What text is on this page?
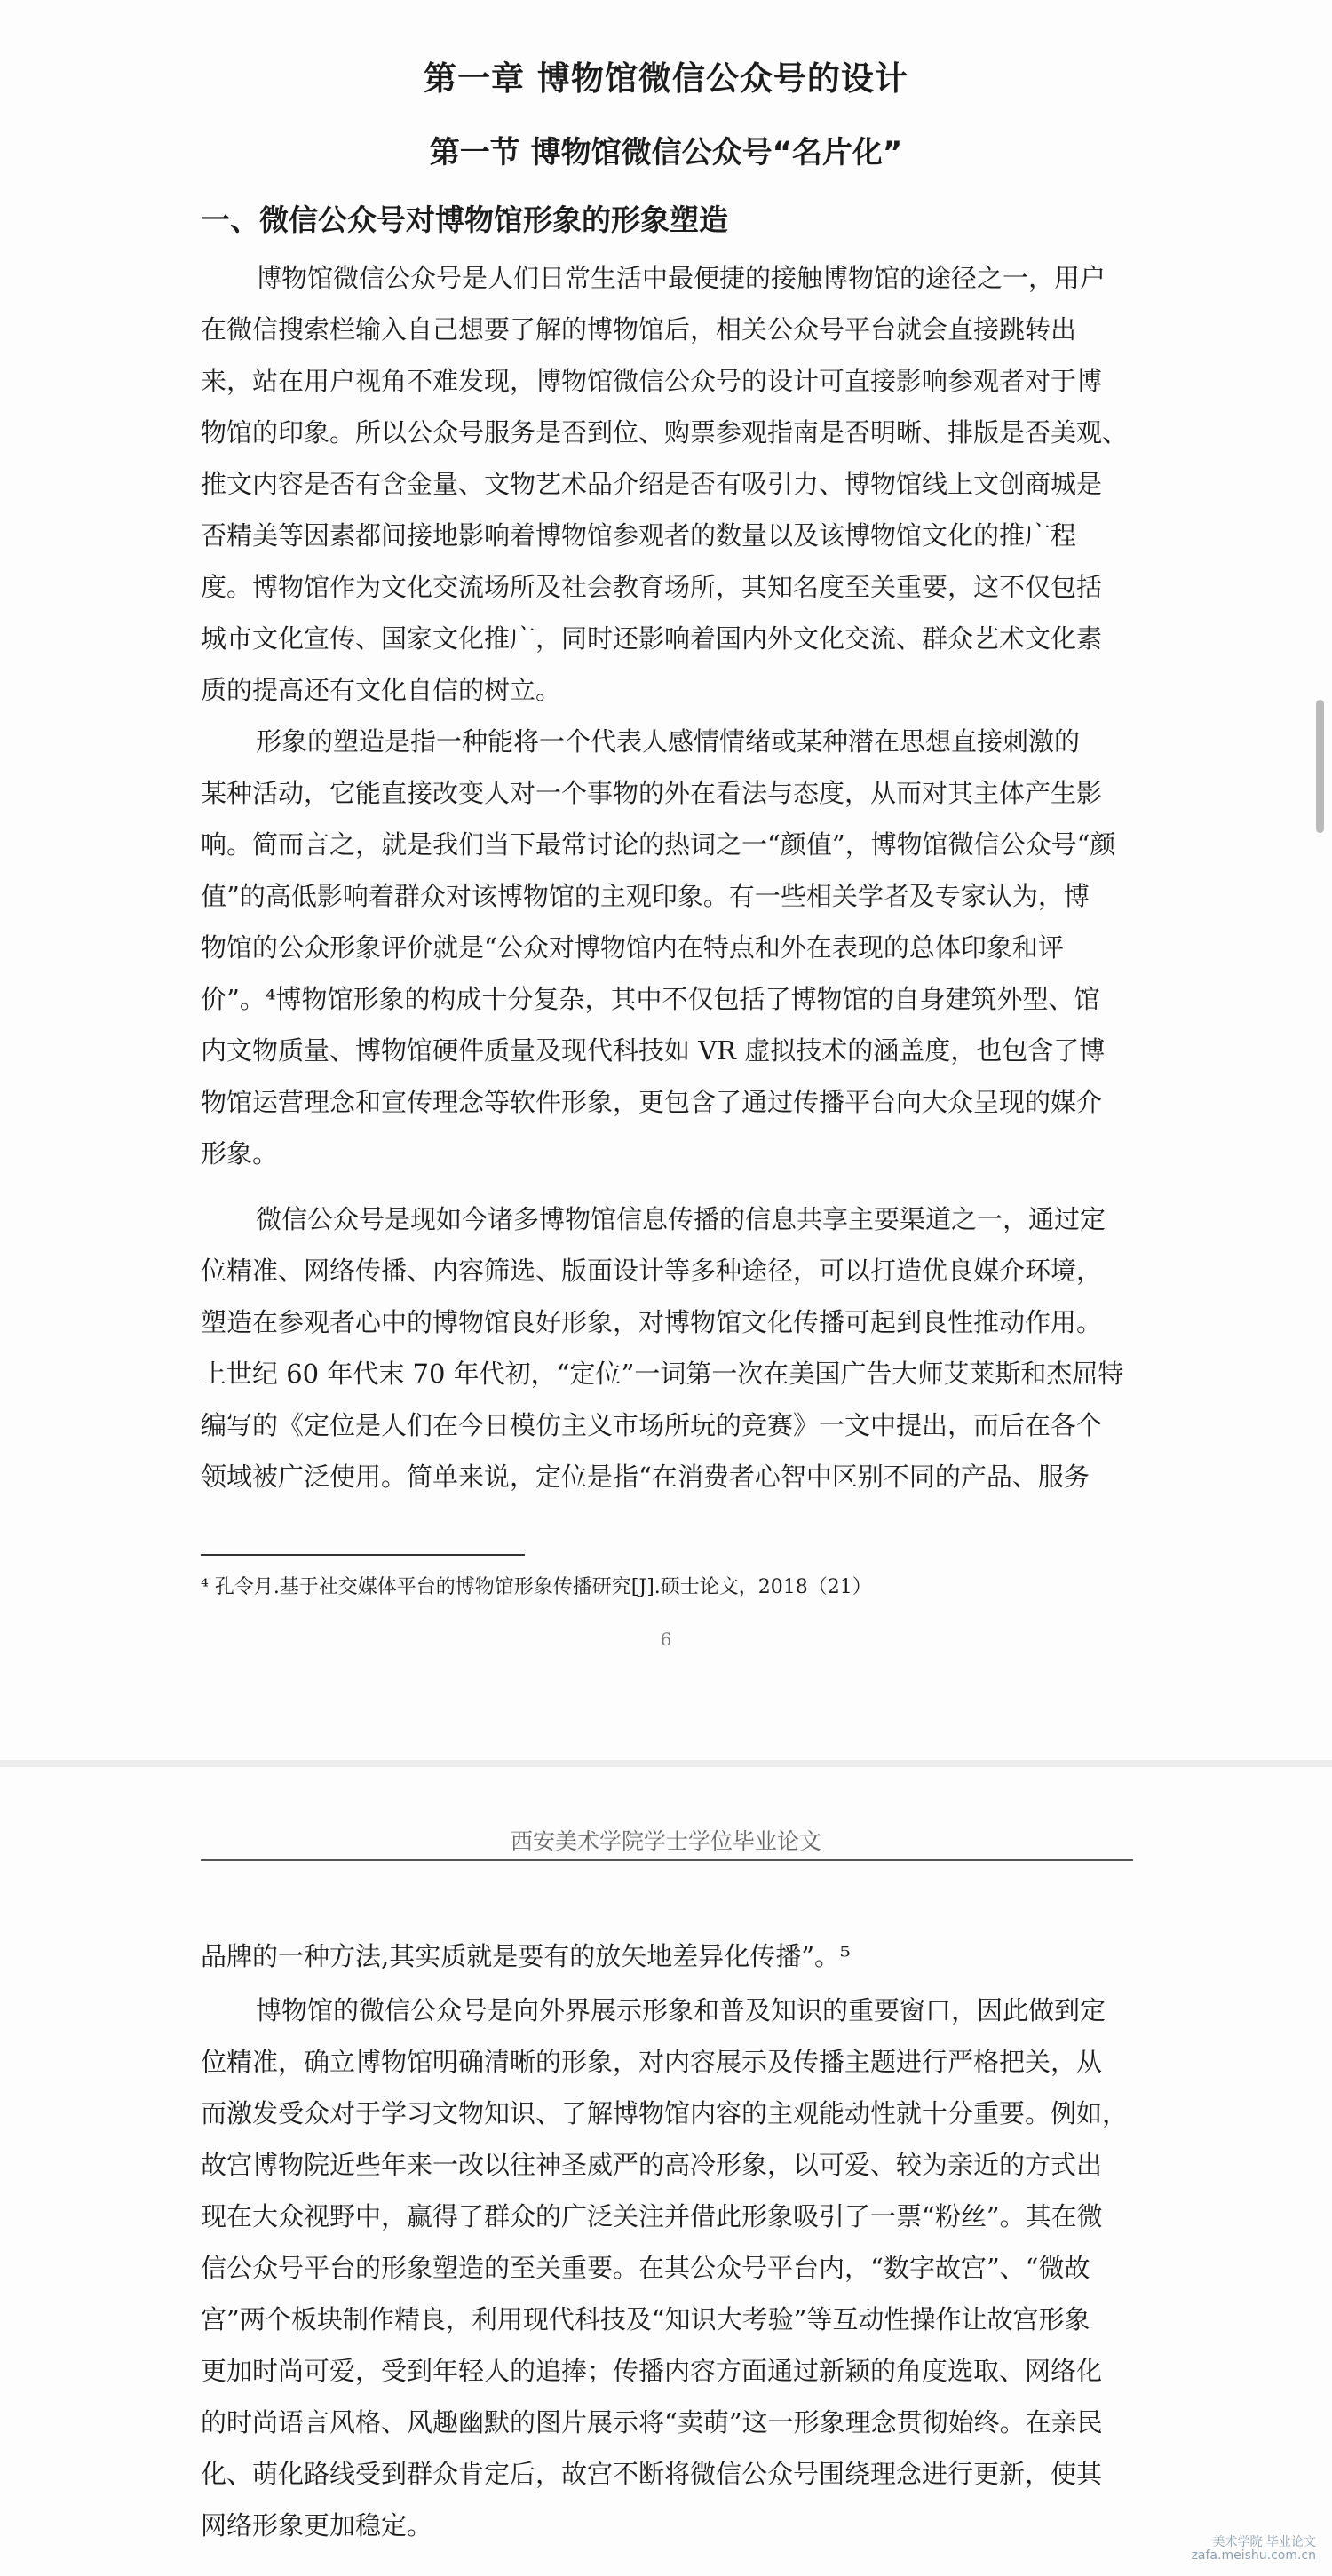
第一章 博物馆微信公众号的设计
第一节 博物馆微信公众号“名片化”
一、微信公众号对博物馆形象的形象塑造
博物馆微信公众号是人们日常生活中最便捷的接触博物馆的途径之一，用户
在微信搜索栏输入自己想要了解的博物馆后，相关公众号平台就会直接跳转出
来，站在用户视角不难发现，博物馆微信公众号的设计可直接影响参观者对于博
物馆的印象。所以公众号服务是否到位、购票参观指南是否明晰、排版是否美观、
推文内容是否有含金量、文物艺术品介绍是否有吸引力、博物馆线上文创商城是
否精美等因素都间接地影响着博物馆参观者的数量以及该博物馆文化的推广程
度。博物馆作为文化交流场所及社会教育场所，其知名度至关重要，这不仅包括
城市文化宣传、国家文化推广，同时还影响着国内外文化交流、群众艺术文化素
质的提高还有文化自信的树立。
形象的塑造是指一种能将一个代表人感情情绪或某种潜在思想直接刺激的
某种活动，它能直接改变人对一个事物的外在看法与态度，从而对其主体产生影
响。简而言之，就是我们当下最常讨论的热词之一“颜值”，博物馆微信公众号“颜
值”的高低影响着群众对该博物馆的主观印象。有一些相关学者及专家认为，博
物馆的公众形象评价就是“公众对博物馆内在特点和外在表现的总体印象和评
价”。⁴博物馆形象的构成十分复杂，其中不仅包括了博物馆的自身建筑外型、馆
内文物质量、博物馆硬件质量及现代科技如 VR 虚拟技术的涵盖度，也包含了博
物馆运营理念和宣传理念等软件形象，更包含了通过传播平台向大众呈现的媒介
形象。
微信公众号是现如今诸多博物馆信息传播的信息共享主要渠道之一，通过定
位精准、网络传播、内容筛选、版面设计等多种途径，可以打造优良媒介环境，
塑造在参观者心中的博物馆良好形象，对博物馆文化传播可起到良性推动作用。
上世纪 60 年代末 70 年代初，“定位”一词第一次在美国广告大师艾莱斯和杰屈特
编写的《定位是人们在今日模仿主义市场所玩的竞赛》一文中提出，而后在各个
领域被广泛使用。简单来说，定位是指“在消费者心智中区别不同的产品、服务
⁴ 孔令月.基于社交媒体平台的博物馆形象传播研究[J].硕士论文，2018（21）
6
西安美术学院学士学位毕业论文
品牌的一种方法,其实质就是要有的放矢地差异化传播”。⁵
博物馆的微信公众号是向外界展示形象和普及知识的重要窗口，因此做到定
位精准，确立博物馆明确清晰的形象，对内容展示及传播主题进行严格把关，从
而激发受众对于学习文物知识、了解博物馆内容的主观能动性就十分重要。例如，
故宫博物院近些年来一改以往神圣威严的高冷形象，以可爱、较为亲近的方式出
现在大众视野中，赢得了群众的广泛关注并借此形象吸引了一票“粉丝”。其在微
信公众号平台的形象塑造的至关重要。在其公众号平台内，“数字故宫”、“微故
宫”两个板块制作精良，利用现代科技及“知识大考验”等互动性操作让故宫形象
更加时尚可爱，受到年轻人的追捧；传播内容方面通过新颖的角度选取、网络化
的时尚语言风格、风趣幽默的图片展示将“卖萌”这一形象理念贯彻始终。在亲民
化、萌化路线受到群众肯定后，故宫不断将微信公众号围绕理念进行更新，使其
网络形象更加稳定。
美术学院 毕业论文
zafa.meishu.com.cn
